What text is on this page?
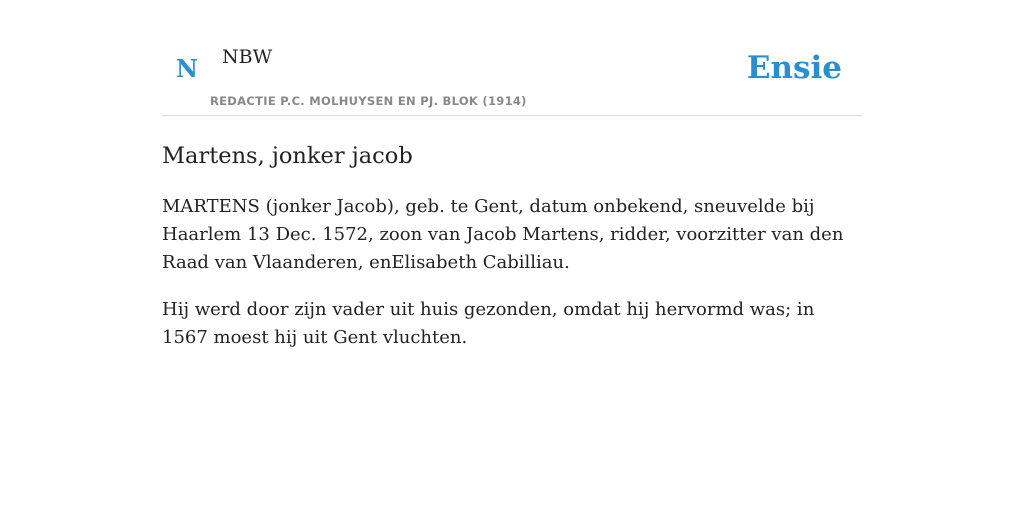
N NBW
REDACTIE P.C. MOLHUYSEN EN PJ. BLOK (1914)
Ensie
Martens, jonker jacob

MARTENS (jonker Jacob), geb. te Gent, datum onbekend, sneuvelde bij Haarlem 13 Dec. 1572, zoon van Jacob Martens, ridder, voorzitter van den Raad van Vlaanderen, enElisabeth Cabilliau.

Hij werd door zijn vader uit huis gezonden, omdat hij hervormd was; in 1567 moest hij uit Gent vluchten.
